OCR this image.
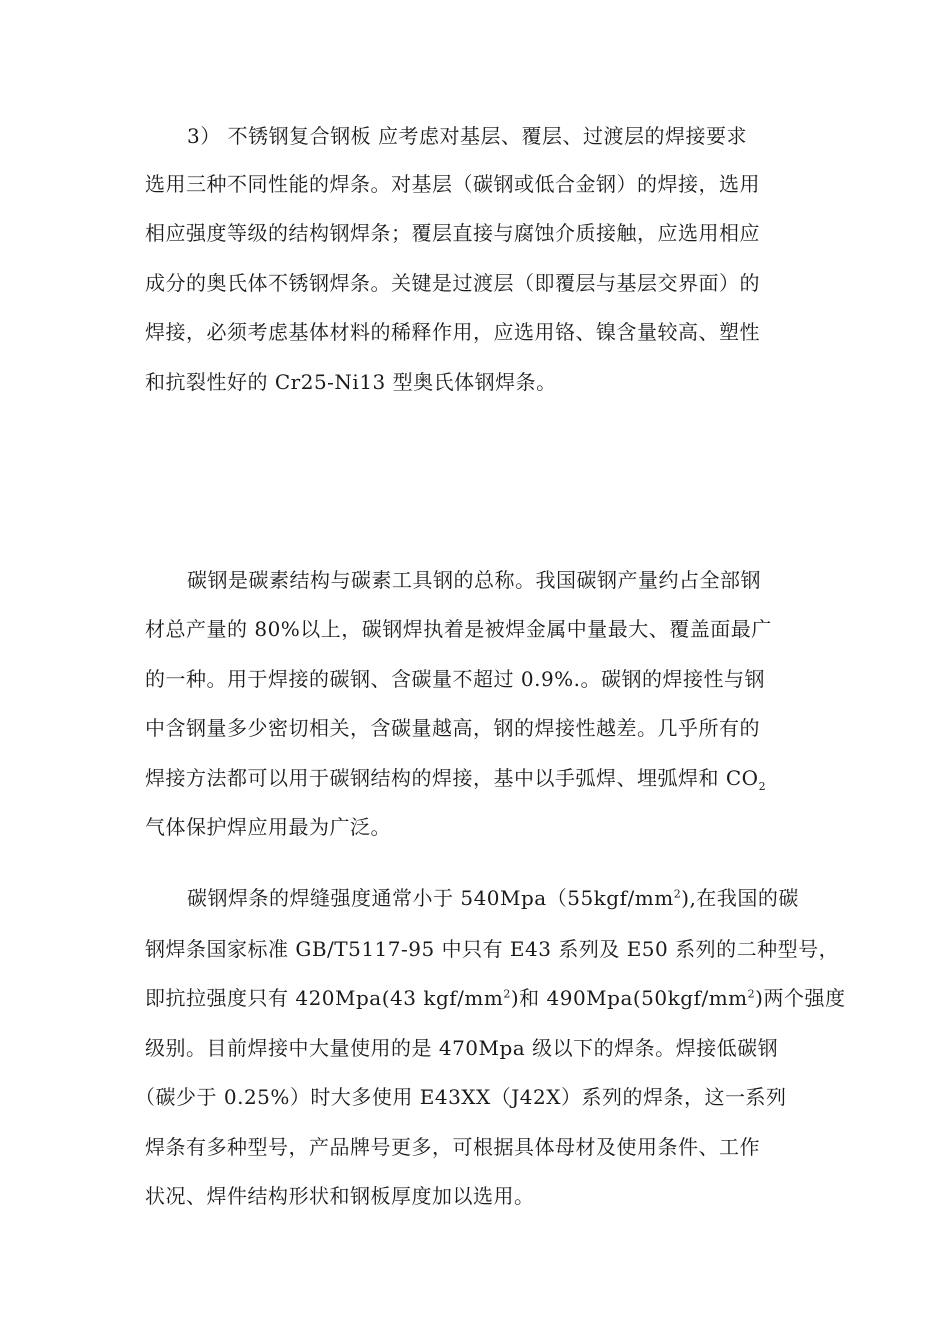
3） 不锈钢复合钢板 应考虑对基层、覆层、过渡层的焊接要求
选用三种不同性能的焊条。对基层（碳钢或低合金钢）的焊接，选用
相应强度等级的结构钢焊条；覆层直接与腐蚀介质接触，应选用相应
成分的奥氏体不锈钢焊条。关键是过渡层（即覆层与基层交界面）的
焊接，必须考虑基体材料的稀释作用，应选用铬、镍含量较高、塑性
和抗裂性好的 Cr25-Ni13 型奥氏体钢焊条。
碳钢是碳素结构与碳素工具钢的总称。我国碳钢产量约占全部钢
材总产量的 80%以上，碳钢焊执着是被焊金属中量最大、覆盖面最广
的一种。用于焊接的碳钢、含碳量不超过 0.9%.。碳钢的焊接性与钢
中含钢量多少密切相关，含碳量越高，钢的焊接性越差。几乎所有的
焊接方法都可以用于碳钢结构的焊接，基中以手弧焊、埋弧焊和 $CO_2$
气体保护焊应用最为广泛。
碳钢焊条的焊缝强度通常小于 $540Mpa(55kgf/mm^2)$,在我国的碳
钢焊条国家标准 GB/T5117-95 中只有 E43 系列及 E50 系列的二种型号，
即抗拉强度只有 420Mpa(43 kgf/$mm^2$)和 $490Mpa(50kgf/mm^2)$两个强度
级别。目前焊接中大量使用的是 470Mpa 级以下的焊条。焊接低碳钢
（碳少于 0.25%）时大多使用 E43XX（J42X）系列的焊条，这一系列
焊条有多种型号，产品牌号更多，可根据具体母材及使用条件、工作
状况、焊件结构形状和钢板厚度加以选用。
